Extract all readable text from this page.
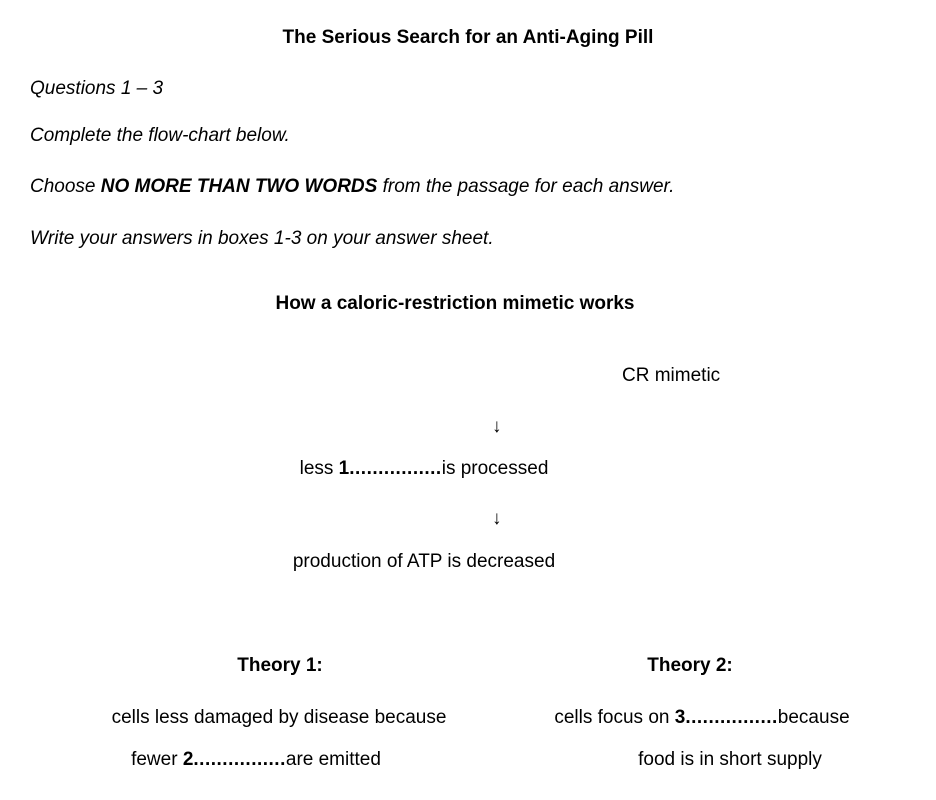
The Serious Search for an Anti-Aging Pill
Questions 1 – 3
Complete the flow-chart below.
Choose NO MORE THAN TWO WORDS from the passage for each answer.
Write your answers in boxes 1-3 on your answer sheet.
How a caloric-restriction mimetic works
CR mimetic
↓
less 1................is processed
↓
production of ATP is decreased
Theory 1:
cells less damaged by disease because
fewer 2................are emitted
Theory 2:
cells focus on 3................because
food is in short supply
